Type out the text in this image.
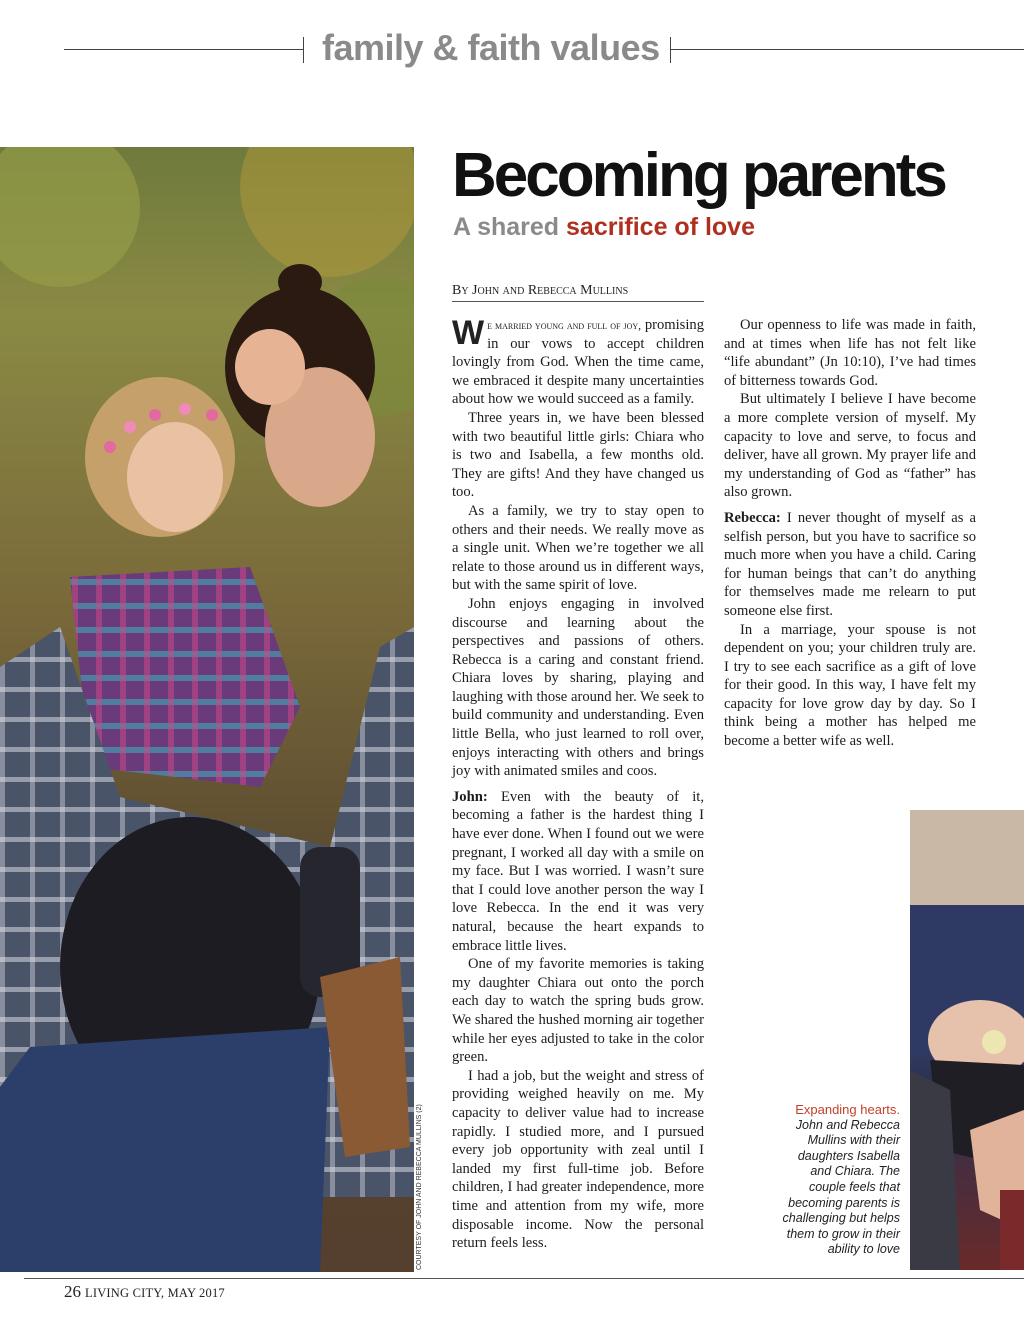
family & faith values
COURTESY OF JOHN AND REBECCA MULLINS (2)
Becoming parents
A shared sacrifice of love
By John and Rebecca Mullins

We married young and full of joy, promising in our vows to accept children lovingly from God. When the time came, we embraced it despite many uncertainties about how we would succeed as a family.

Three years in, we have been blessed with two beautiful little girls: Chiara who is two and Isabella, a few months old. They are gifts! And they have changed us too.

As a family, we try to stay open to others and their needs. We really move as a single unit. When we’re together we all relate to those around us in different ways, but with the same spirit of love.

John enjoys engaging in involved discourse and learning about the perspectives and passions of others. Rebecca is a caring and constant friend. Chiara loves by sharing, playing and laughing with those around her. We seek to build community and understanding. Even little Bella, who just learned to roll over, enjoys interacting with others and brings joy with animated smiles and coos.

John: Even with the beauty of it, becoming a father is the hardest thing I have ever done. When I found out we were pregnant, I worked all day with a smile on my face. But I was worried. I wasn’t sure that I could love another person the way I love Rebecca. In the end it was very natural, because the heart expands to embrace little lives.

One of my favorite memories is taking my daughter Chiara out onto the porch each day to watch the spring buds grow. We shared the hushed morning air together while her eyes adjusted to take in the color green.

I had a job, but the weight and stress of providing weighed heavily on me. My capacity to deliver value had to increase rapidly. I studied more, and I pursued every job opportunity with zeal until I landed my first full-time job. Before children, I had greater independence, more time and attention from my wife, more disposable income. Now the personal return feels less.

Our openness to life was made in faith, and at times when life has not felt like “life abundant” (Jn 10:10), I’ve had times of bitterness towards God.

But ultimately I believe I have become a more complete version of myself. My capacity to love and serve, to focus and deliver, have all grown. My prayer life and my understanding of God as “father” has also grown.

Rebecca: I never thought of myself as a selfish person, but you have to sacrifice so much more when you have a child. Caring for human beings that can’t do anything for themselves made me relearn to put someone else first.

In a marriage, your spouse is not dependent on you; your children truly are. I try to see each sacrifice as a gift of love for their good. In this way, I have felt my capacity for love grow day by day. So I think being a mother has helped me become a better wife as well.

Expanding hearts.
John and Rebecca Mullins with their daughters Isabella and Chiara. The couple feels that becoming parents is challenging but helps them to grow in their ability to love
26 LIVING CITY, MAY 2017
